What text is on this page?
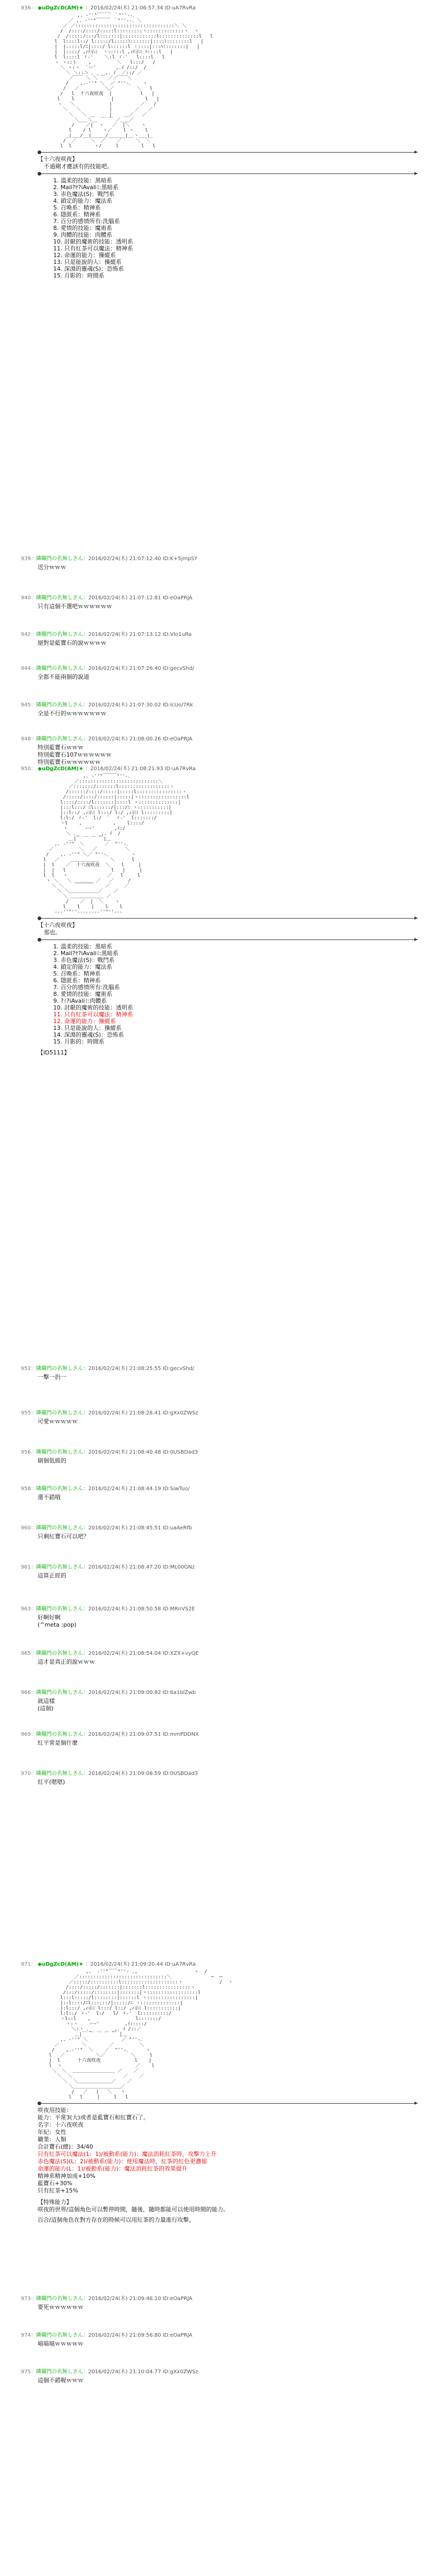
936： ◆uDgZcD(AM)★ ：2016/02/24(木) 21:06:57.34 ID:uA7RvRa
,. ‐''"￣￣￣ ｀"''‐-､
／ ,. ‐''"￣￣￣ ｀"''‐-､ ＼
／ ／:::::::::::::::::::::::::::::::::::＼ ＼
/  /::::/::::/:::::l:::::::::ヽ:::::::::::::ヽ  ヽ
/  /:::::/:::/l:::::::|::::::::::::l::::::::::::::l   l
l  l::::l::/ l:::::/l:::::ﾄ:::::::|::::ﾄ::::::::l   |
|  |:::::l/ﾆ|::::/ l::::::l ヽ::::|:::ﾊ::::::::|   |
|  |::::/ ,ｨﾃ示ﾐ  ヽ:::::l ,ｨﾃ示ﾐ ﾊ::::l   |
l  l::::l ゞ-'    ＼:l ゞ-'   l::::l   l
ヽ ヽ::ト    ,         ＼   l:::/   /
＼ ヽ:ヽ  `ー'       ,.ｲ /::/  /
＼ ＼::＞ ､ _  ,. ｲ  ／::/ ／
／￣￣ ＼ ＼ ￣ ／／￣￣＼
/    ,.‐''" ＼  ／ "''‐､    ヽ
/   ／         ＼／        ＼   l
/   l  十六夜咲夜  |          l   |
l    l             |           l   |
ヽ   ＼            |          ／   /
＼   ＼          |        ／   ／
＼   ＼ __     |    __／   ／
＼___＼__ ￣ ￣ ／___／
/    ／|  ヽ   ／  |＼    ヽ
l    / l    ヽ／    l ヽ    l
_|___/__|_____/______|__ヽ___|_
/  ／     ＼  ／    ／     ＼  ＼
l  l        ヽ/     l        l   l

【十六夜咲夜】
不過剛才應該有的技能吧。
1. 溫柔的技能：黑暗系
2. Mail?ﾔ?iAvaliﾐ:黑暗系
3. 赤色魔法(S)：戰鬥系
4. 鎖定的能力：魔法系
5. 召喚系：精神系
6. 隱匿系：精神系
7. 百分的感情所有:洗腦系
8. 愛情的技能：魔術系
9. 肉體的技能：肉體系
10. 討厭的魔術的技能：透明系
11. 只有紅茶可以魔法：精神系
12. 命運的能力：操縱系
13. 只是能說的人：操縱系
14. 深淵的靈魂(S)：恐怖系
15. 月影的：時間系
939：隣職門の名無しさん：2016/02/24(木) 21:07:12.40 ID:K+5jmpSY
送分ｗｗｗ
940：隣職門の名無しさん：2016/02/24(木) 21:07:12.81 ID:eOaPRJA
只有這個不選吧ｗｗｗｗｗｗ
942：隣職門の名無しさん：2016/02/24(木) 21:07:13.12 ID:VIo1uRa
絕對是藍寶石的說ｗｗｗｗ
944：隣職門の名無しさん：2016/02/24(木) 21:07:26.40 ID:gecvShd/
全都不能兩個的說道
945：隣職門の名無しさん：2016/02/24(木) 21:07:30.02 ID:lcUo/7Rk
全是不行的ｗｗｗｗｗｗｗ
948：隣職門の名無しさん：2016/02/24(木) 21:08:00.26 ID:eOaPRJA
特別藍寶石ｗｗｗ
特別藍寶石107ｗｗｗｗｗｗ
特別藍寶石ｗｗｗｗｗｗ
950： ◆uDgZcD(AM)★ ：2016/02/24(木) 21:08:21.93 ID:uA7RvRa
,. ‐''"￣￣￣"''‐､
／::::::::::::::::::::::::::::＼
／:::::::/:::::::l::::::::::::::::::ヽ
/::::::/::::/:::::|:::::l::::::::::::::::ヽ
/:::::/::::/::::::|:::::|ヽ:::::::::::::::::l
l::::/::::/l:::::::|::::l ヽ::::::::::::::|
|:::l:::/ ﾆl::::::/|:::/ﾆ ヽ:::::::::::|
|::l::/ ,ｨ示ﾐ l:::/ l:/ ,ｨ示ﾐ l:::::::::|
l:l:/ ゞ-'  l:/  ﾞ  ゞ-'  l:::::::/
ヽl    ,           ,    l::::/
ヽ      ーｰ'       ,ｲ:/
＼ ､_       _,. ｲ  /
＿|￣ ￣ ￣ ￣|＿
,. ‐''"  ＼       ／  "''‐､
／         ＼   ／          ＼
/    ,. ‐''" ＼／ "''‐､        ヽ
l   ／    ＿＿＿＿＿＿    ＼      l
|  l    ／  十六夜咲夜  ＼    l     |
|  |   l                l   |     |
l  l   ヽ              ／   l     l
ヽ ＼   ＼ ＿＿＿＿ ／   ／     /
＼ ＼    ￣￣￣￣    ／     ／
＼ ＼＿＿＿＿＿＿／    ／
＼ ＿＿＿＿＿＿＿ ／
/    ／  |  ＼    ヽ
l    l    |    l    l
‐‐‐''"''‐‐‐‐‐‐‐‐''"''‐‐‐

【十六夜咲夜】
那也。
1. 溫柔的技能：黑暗系
2. Mail?ﾔ?iAvaliﾐ:黑暗系
3. 赤色魔法(S)：戰鬥系
4. 鎖定的能力：魔法系
5. 召喚系：精神系
6. 隱匿系：精神系
7. 百分的感情所有:洗腦系
8. 愛情的技能：魔術系
9. ?ﾐ?iAvaliﾐ:肉體系
10. 討厭的魔術的技能：透明系
11. 只有紅茶可以魔法：精神系
12. 命運的能力：操縱系
13. 只是能說的人：操縱系
14. 深淵的靈魂(S)：恐怖系
15. 月影的：時間系
【ID5111】
952：隣職門の名無しさん：2016/02/24(木) 21:08:25.55 ID:gecvShd/
一擊一扔一
955：隣職門の名無しさん：2016/02/24(木) 21:08:28.41 ID:gXx0ZWSz
可愛ｗｗｗｗｗ
956：隣職門の名無しさん：2016/02/24(木) 21:08:40.48 ID:0USBDad3
刷個低級的
958：隣職門の名無しさん：2016/02/24(木) 21:08:44.19 ID:SiwTuo/
還不錯哦
960：隣職門の名無しさん：2016/02/24(木) 21:08:45.51 ID:uaAeRfb
只剩紅寶石可以吧？
961：隣職門の名無しさん：2016/02/24(木) 21:08:47.20 ID:ML00GNz
這算正經的
963：隣職門の名無しさん：2016/02/24(木) 21:08:50.58 ID:MRnVS2E
好啊好啊
(^meta :pop)
965：隣職門の名無しさん：2016/02/24(木) 21:08:54.04 ID:XZX+vyQE
這才是真正的說ｗｗｗ
966：隣職門の名無しさん：2016/02/24(木) 21:09:00.82 ID:6a1blZwb
就這樣
(這個)
969：隣職門の名無しさん：2016/02/24(木) 21:09:07.51 ID:mmPDDNX
紅平常是個什麼
970：隣職門の名無しさん：2016/02/24(木) 21:09:08.59 ID:0USBDad3
紅平(嗯嗯)
971： ◆uDgZcD(AM)★ ：2016/02/24(木) 21:09:20.44 ID:uA7RvRa
,.  ‐''"￣￣"''‐ .,                    ヽ  /
／:::::::::::::::::::::::::::::::＼              ─  ─
／:::::/::::::::::l::::::::::::::::::::ヽ             /  ヽ
/::::/:::::/:::::::|:::::::l::::::::::::::::ヽ
/:::/:::::/::::::::|:::::::|ヽ::::::::::::::::::l
l:::l:::::/l::::::::|::::::l ヽ:::::::::::::::::|
|::l::::/ﾆl::::::/|:::::/ﾆ ヽ::::::::::::::|
|:l:::/ ,ｨ示ﾐ l:::/ l::/ ,ｨ示ﾐ l:::::::::::|
l:l::/ ゞ-'  l:/   l/ ゞ-'  l::::::::::/
ヽl::l    ,                l:::::::/
ヽ:ヽ    ーｰ'         ,ｲ:::::/
＼:ヽ ､_       _,. ｲ /::／
＿|￣ ￣ ￣ ￣ ￣ |＿
,. ‐''" ＼            ／ "''‐､
／        ＼        ／         ＼
/    ,.‐''"  ＼    ／  "''‐､      ヽ
l   ／           ＼／         ＼     l
|  l      十六夜咲夜            l    |
l  ヽ                          ／    l
＼  ＼  ＿＿＿＿＿＿＿＿＿ ／    ／
＼  ＼                  ／    ／
＼  ＼＿＿＿＿＿＿＿／    ／
＼＿＿＿＿＿＿＿＿＿＿／
/   ／   |   ＼   ヽ
l   l     |     l   l

咲夜用技能：
能力：平常3(大)或者是藍寶石和紅寶石了。
名字：十六夜咲夜
年紀：女性
職業：人類
合計寶石(總)：34/40
只有紅茶可以魔法(1：1)/被動系(能力)：魔法消耗紅茶時，攻擊力上升
赤色魔法(S)(L：2)/被動系(能力)：使用魔法時，紅茶的紅色更濃郁
命運的能力(L：1)/被動系(能力)：魔法消耗紅茶的效果提升
精神系精神加成+10%
藍寶石+30%
只有紅茶+15%
【特殊能力】
咲夜的世界/這個角色可以暫停時間，隨後，隨時都能可以使用時間的能力。
百合/這個角色在對方存在的時候可以用紅茶的力量進行攻擊。
973：隣職門の名無しさん：2016/02/24(木) 21:09:46.10 ID:eOaPRJA
要死ｗｗｗｗｗｗ
974：隣職門の名無しさん：2016/02/24(木) 21:09:56.80 ID:eOaPRJA
喵喵喵ｗｗｗｗｗ
975：隣職門の名無しさん：2016/02/24(木) 21:10:04.77 ID:gXx0ZWSz
這個不錯喔ｗｗｗ
